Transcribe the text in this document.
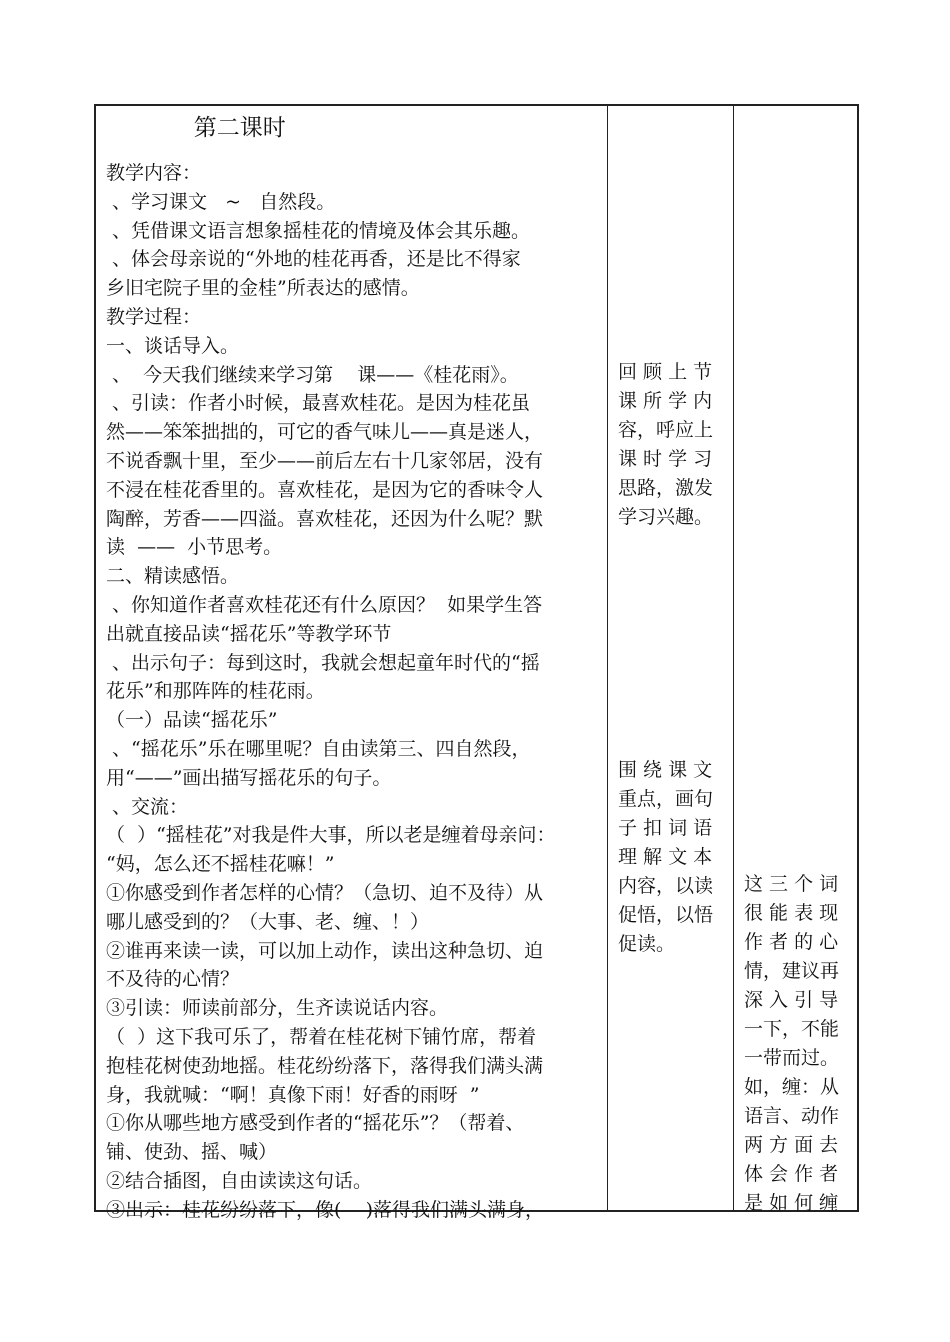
第二课时
教学内容：
、学习课文   ~   自然段。
、凭借课文语言想象摇桂花的情境及体会其乐趣。
、体会母亲说的“外地的桂花再香，还是比不得家
乡旧宅院子里的金桂”所表达的感情。
教学过程：
一、谈话导入。
、  今天我们继续来学习第    课——《桂花雨》。
、引读：作者小时候，最喜欢桂花。是因为桂花虽
然——笨笨拙拙的，可它的香气味儿——真是迷人，
不说香飘十里，至少——前后左右十几家邻居，没有
不浸在桂花香里的。喜欢桂花，是因为它的香味令人
陶醉，芳香——四溢。喜欢桂花，还因为什么呢？默
读  ——  小节思考。
二、精读感悟。
、你知道作者喜欢桂花还有什么原因？  如果学生答
出就直接品读“摇花乐”等教学环节
、出示句子：每到这时，我就会想起童年时代的“摇
花乐”和那阵阵的桂花雨。
（一）品读“摇花乐”
、“摇花乐”乐在哪里呢？自由读第三、四自然段，
用“——”画出描写摇花乐的句子。
、交流：
（  ）“摇桂花”对我是件大事，所以老是缠着母亲问：
“妈，怎么还不摇桂花嘛！”
①你感受到作者怎样的心情？（急切、迫不及待）从
哪儿感受到的？（大事、老、缠、！）
②谁再来读一读，可以加上动作，读出这种急切、迫
不及待的心情？
③引读：师读前部分，生齐读说话内容。
（  ）这下我可乐了，帮着在桂花树下铺竹席，帮着
抱桂花树使劲地摇。桂花纷纷落下，落得我们满头满
身，我就喊：“啊！真像下雨！好香的雨呀  ”
①你从哪些地方感受到作者的“摇花乐”？（帮着、
铺、使劲、摇、喊）
②结合插图，自由读读这句话。
③出示：桂花纷纷落下，像(    )落得我们满头满身，
回 顾 上 节
课 所 学 内
容，呼应上
课 时 学 习
思路，激发
学习兴趣。
围 绕 课 文
重点，画句
子 扣 词 语
理 解 文 本
内容，以读
促悟，以悟
促读。
这 三 个 词
很 能 表 现
作 者 的 心
情，建议再
深 入 引 导
一下，不能
一带而过。
如，缠：从
语言、动作
两 方 面 去
体 会 作 者
是 如 何 缠
